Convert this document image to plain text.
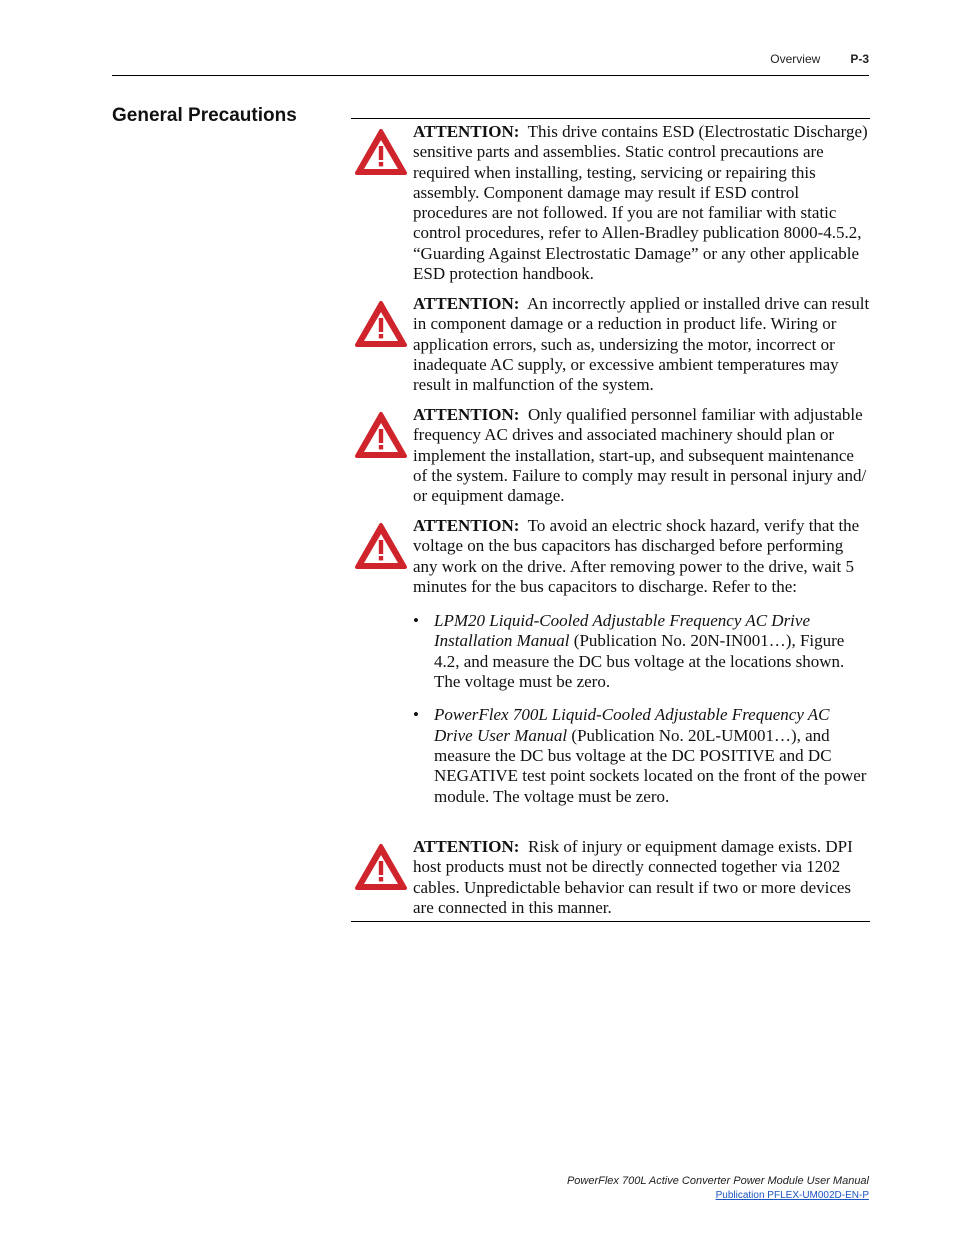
Overview	P-3
General Precautions
ATTENTION: This drive contains ESD (Electrostatic Discharge) sensitive parts and assemblies. Static control precautions are required when installing, testing, servicing or repairing this assembly. Component damage may result if ESD control procedures are not followed. If you are not familiar with static control procedures, refer to Allen-Bradley publication 8000-4.5.2, “Guarding Against Electrostatic Damage” or any other applicable ESD protection handbook.
ATTENTION: An incorrectly applied or installed drive can result in component damage or a reduction in product life. Wiring or application errors, such as, undersizing the motor, incorrect or inadequate AC supply, or excessive ambient temperatures may result in malfunction of the system.
ATTENTION: Only qualified personnel familiar with adjustable frequency AC drives and associated machinery should plan or implement the installation, start-up, and subsequent maintenance of the system. Failure to comply may result in personal injury and/ or equipment damage.
ATTENTION: To avoid an electric shock hazard, verify that the voltage on the bus capacitors has discharged before performing any work on the drive. After removing power to the drive, wait 5 minutes for the bus capacitors to discharge. Refer to the:
• LPM20 Liquid-Cooled Adjustable Frequency AC Drive Installation Manual (Publication No. 20N-IN001…), Figure 4.2, and measure the DC bus voltage at the locations shown. The voltage must be zero.
• PowerFlex 700L Liquid-Cooled Adjustable Frequency AC Drive User Manual (Publication No. 20L-UM001…), and measure the DC bus voltage at the DC POSITIVE and DC NEGATIVE test point sockets located on the front of the power module. The voltage must be zero.
ATTENTION: Risk of injury or equipment damage exists. DPI host products must not be directly connected together via 1202 cables. Unpredictable behavior can result if two or more devices are connected in this manner.
PowerFlex 700L Active Converter Power Module User Manual
Publication PFLEX-UM002D-EN-P
